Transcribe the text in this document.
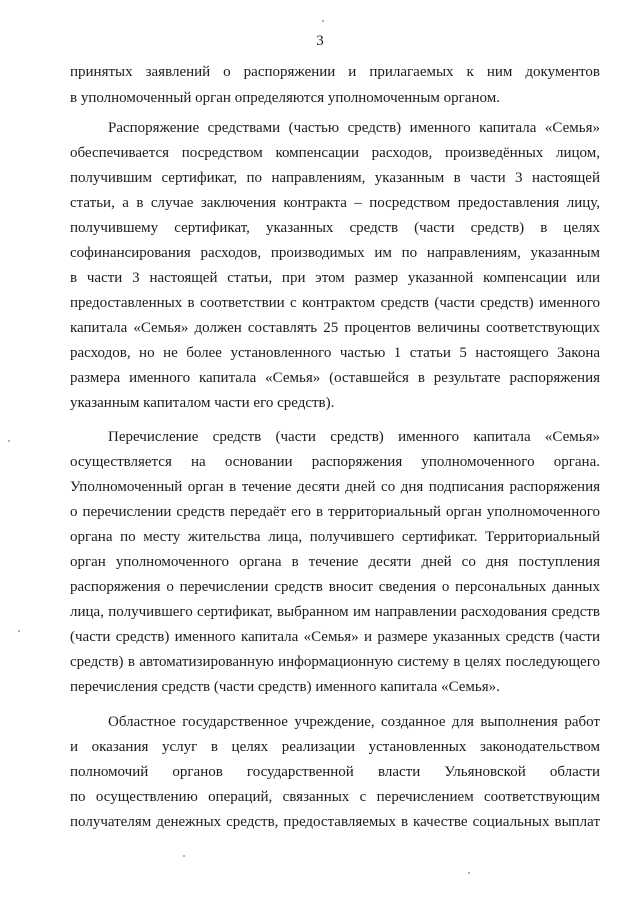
3
принятых заявлений о распоряжении и прилагаемых к ним документов
в уполномоченный орган определяются уполномоченным органом.
Распоряжение средствами (частью средств) именного капитала «Семья»
обеспечивается посредством компенсации расходов, произведённых лицом,
получившим сертификат, по направлениям, указанным в части 3 настоящей
статьи, а в случае заключения контракта – посредством предоставления лицу,
получившему сертификат, указанных средств (части средств) в целях
софинансирования расходов, производимых им по направлениям, указанным
в части 3 настоящей статьи, при этом размер указанной компенсации или
предоставленных в соответствии с контрактом средств (части средств) именного
капитала «Семья» должен составлять 25 процентов величины соответствующих
расходов, но не более установленного частью 1 статьи 5 настоящего Закона
размера именного капитала «Семья» (оставшейся в результате распоряжения
указанным капиталом части его средств).
Перечисление средств (части средств) именного капитала «Семья»
осуществляется на основании распоряжения уполномоченного органа.
Уполномоченный орган в течение десяти дней со дня подписания распоряжения
о перечислении средств передаёт его в территориальный орган уполномоченного
органа по месту жительства лица, получившего сертификат. Территориальный
орган уполномоченного органа в течение десяти дней со дня поступления
распоряжения о перечислении средств вносит сведения о персональных данных
лица, получившего сертификат, выбранном им направлении расходования средств
(части средств) именного капитала «Семья» и размере указанных средств (части
средств) в автоматизированную информационную систему в целях последующего
перечисления средств (части средств) именного капитала «Семья».
Областное государственное учреждение, созданное для выполнения работ
и оказания услуг в целях реализации установленных законодательством
полномочий органов государственной власти Ульяновской области
по осуществлению операций, связанных с перечислением соответствующим
получателям денежных средств, предоставляемых в качестве социальных выплат
